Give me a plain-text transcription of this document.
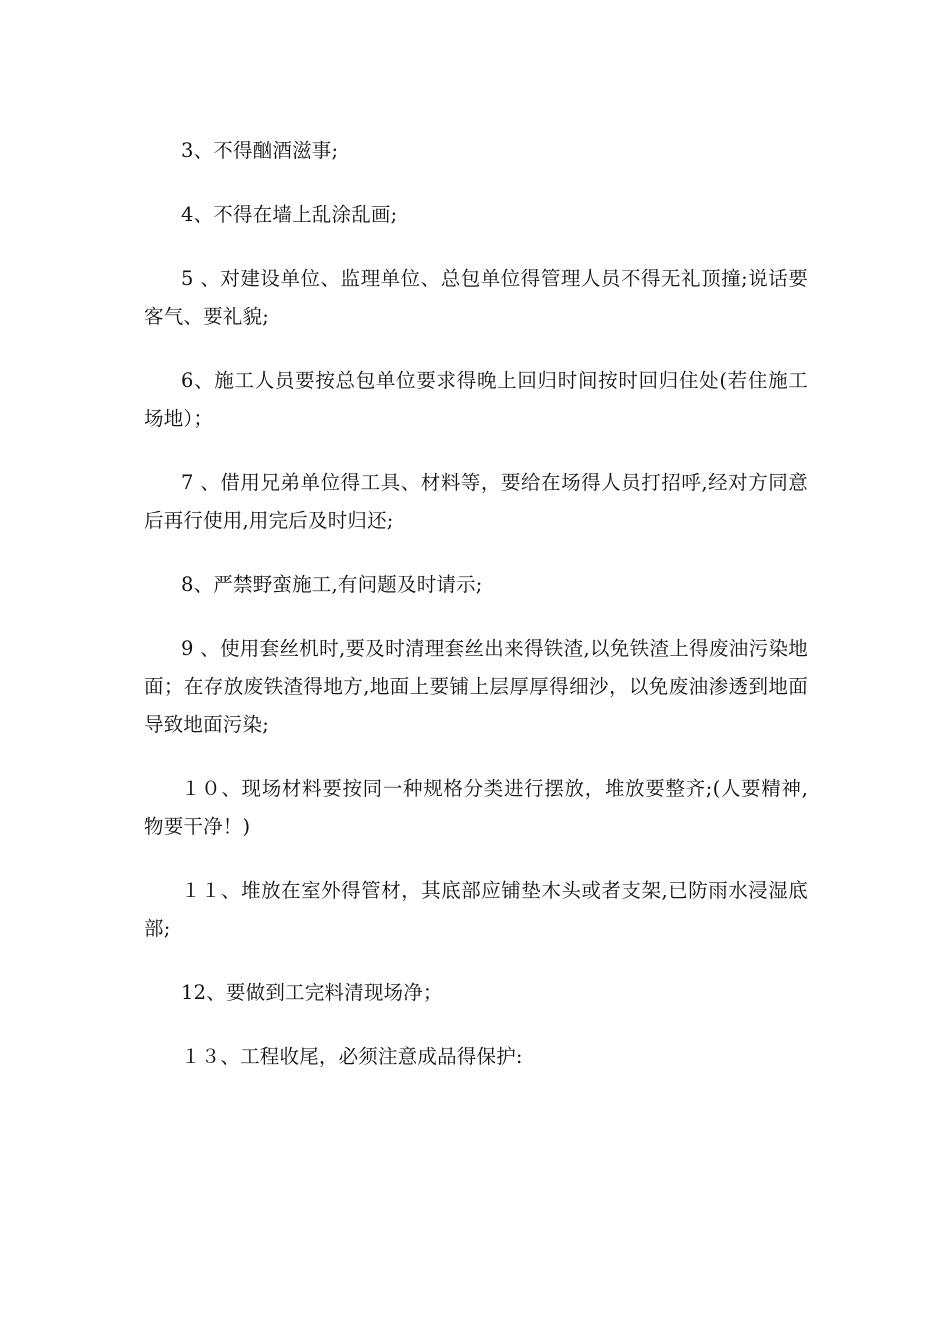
3、不得酗酒滋事;

4、不得在墙上乱涂乱画;

5 、对建设单位、监理单位、总包单位得管理人员不得无礼顶撞;说话要客气、要礼貌;

6、施工人员要按总包单位要求得晚上回归时间按时回归住处(若住施工场地）；

7 、借用兄弟单位得工具、材料等，要给在场得人员打招呼,经对方同意后再行使用,用完后及时归还;

8、严禁野蛮施工,有问题及时请示;

9 、使用套丝机时,要及时清理套丝出来得铁渣,以免铁渣上得废油污染地面；在存放废铁渣得地方,地面上要铺上层厚厚得细沙，以免废油渗透到地面导致地面污染;

１０、现场材料要按同一种规格分类进行摆放，堆放要整齐;(人要精神,物要干净！)

１１、堆放在室外得管材，其底部应铺垫木头或者支架,已防雨水浸湿底部;

12、要做到工完料清现场净；

１３、工程收尾，必须注意成品得保护:
